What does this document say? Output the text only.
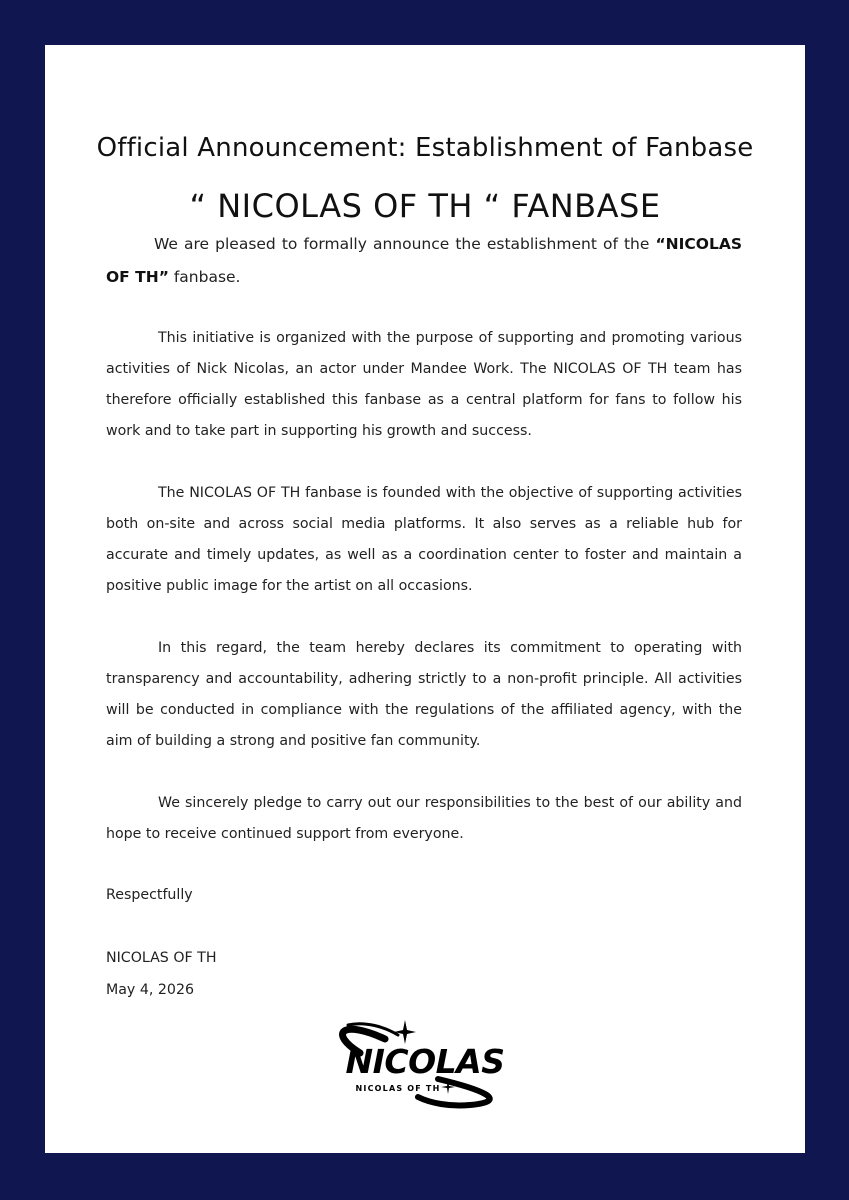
Official Announcement: Establishment of Fanbase
“ NICOLAS OF TH “ FANBASE

We are pleased to formally announce the establishment of the “NICOLAS OF TH” fanbase.

This initiative is organized with the purpose of supporting and promoting various activities of Nick Nicolas, an actor under Mandee Work. The NICOLAS OF TH team has therefore officially established this fanbase as a central platform for fans to follow his work and to take part in supporting his growth and success.

The NICOLAS OF TH fanbase is founded with the objective of supporting activities both on-site and across social media platforms. It also serves as a reliable hub for accurate and timely updates, as well as a coordination center to foster and maintain a positive public image for the artist on all occasions.

In this regard, the team hereby declares its commitment to operating with transparency and accountability, adhering strictly to a non-profit principle. All activities will be conducted in compliance with the regulations of the affiliated agency, with the aim of building a strong and positive fan community.

We sincerely pledge to carry out our responsibilities to the best of our ability and hope to receive continued support from everyone.

Respectfully
NICOLAS OF TH
May 4, 2026
NICOLAS
NICOLAS OF TH
